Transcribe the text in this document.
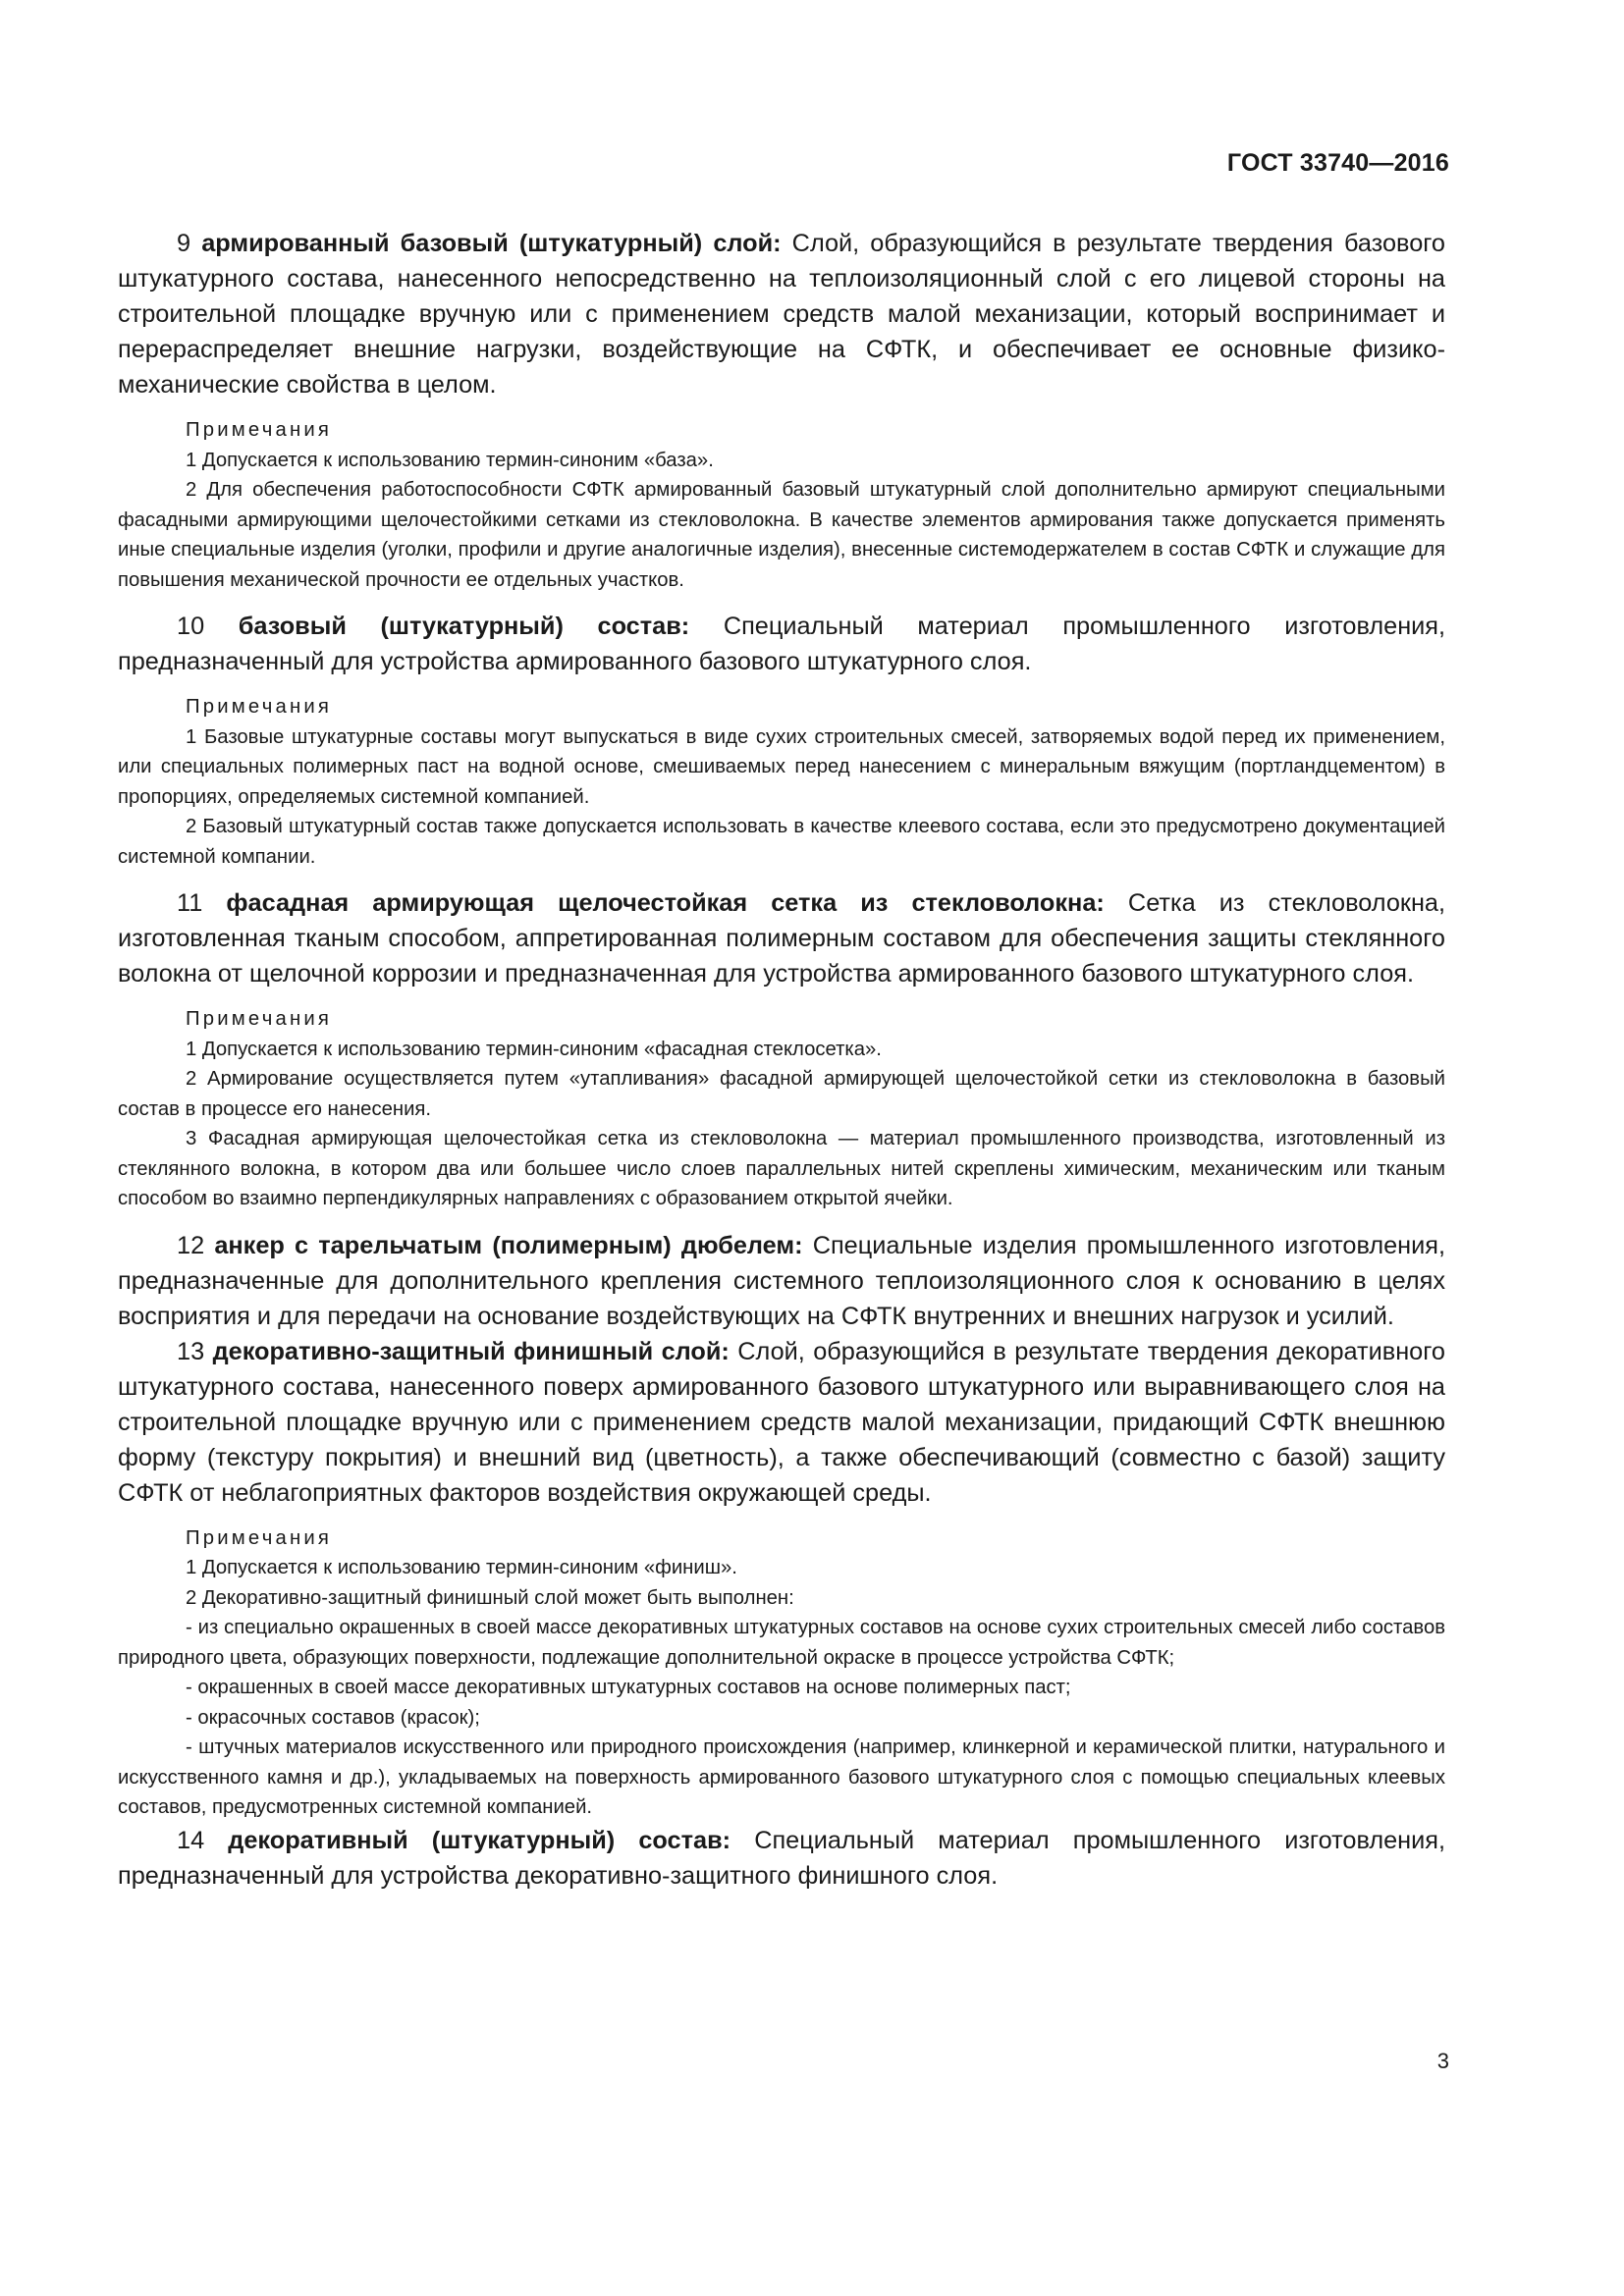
ГОСТ 33740—2016

9 армированный базовый (штукатурный) слой: Слой, образующийся в результате твердения базового штукатурного состава, нанесенного непосредственно на теплоизоляционный слой с его лицевой стороны на строительной площадке вручную или с применением средств малой механизации, который воспринимает и перераспределяет внешние нагрузки, воздействующие на СФТК, и обеспечивает ее основные физико-механические свойства в целом.

Примечания

1 Допускается к использованию термин-синоним «база».

2 Для обеспечения работоспособности СФТК армированный базовый штукатурный слой дополнительно армируют специальными фасадными армирующими щелочестойкими сетками из стекловолокна. В качестве элементов армирования также допускается применять иные специальные изделия (уголки, профили и другие аналогичные изделия), внесенные системодержателем в состав СФТК и служащие для повышения механической прочности ее отдельных участков.

10 базовый (штукатурный) состав: Специальный материал промышленного изготовления, предназначенный для устройства армированного базового штукатурного слоя.

Примечания

1 Базовые штукатурные составы могут выпускаться в виде сухих строительных смесей, затворяемых водой перед их применением, или специальных полимерных паст на водной основе, смешиваемых перед нанесением с минеральным вяжущим (портландцементом) в пропорциях, определяемых системной компанией.

2 Базовый штукатурный состав также допускается использовать в качестве клеевого состава, если это предусмотрено документацией системной компании.

11 фасадная армирующая щелочестойкая сетка из стекловолокна: Сетка из стекловолокна, изготовленная тканым способом, аппретированная полимерным составом для обеспечения защиты стеклянного волокна от щелочной коррозии и предназначенная для устройства армированного базового штукатурного слоя.

Примечания

1 Допускается к использованию термин-синоним «фасадная стеклосетка».

2 Армирование осуществляется путем «утапливания» фасадной армирующей щелочестойкой сетки из стекловолокна в базовый состав в процессе его нанесения.

3 Фасадная армирующая щелочестойкая сетка из стекловолокна — материал промышленного производства, изготовленный из стеклянного волокна, в котором два или большее число слоев параллельных нитей скреплены химическим, механическим или тканым способом во взаимно перпендикулярных направлениях с образованием открытой ячейки.

12 анкер с тарельчатым (полимерным) дюбелем: Специальные изделия промышленного изготовления, предназначенные для дополнительного крепления системного теплоизоляционного слоя к основанию в целях восприятия и для передачи на основание воздействующих на СФТК внутренних и внешних нагрузок и усилий.

13 декоративно-защитный финишный слой: Слой, образующийся в результате твердения декоративного штукатурного состава, нанесенного поверх армированного базового штукатурного или выравнивающего слоя на строительной площадке вручную или с применением средств малой механизации, придающий СФТК внешнюю форму (текстуру покрытия) и внешний вид (цветность), а также обеспечивающий (совместно с базой) защиту СФТК от неблагоприятных факторов воздействия окружающей среды.

Примечания

1 Допускается к использованию термин-синоним «финиш».

2 Декоративно-защитный финишный слой может быть выполнен:

- из специально окрашенных в своей массе декоративных штукатурных составов на основе сухих строительных смесей либо составов природного цвета, образующих поверхности, подлежащие дополнительной окраске в процессе устройства СФТК;

- окрашенных в своей массе декоративных штукатурных составов на основе полимерных паст;

- окрасочных составов (красок);

- штучных материалов искусственного или природного происхождения (например, клинкерной и керамической плитки, натурального и искусственного камня и др.), укладываемых на поверхность армированного базового штукатурного слоя с помощью специальных клеевых составов, предусмотренных системной компанией.

14 декоративный (штукатурный) состав: Специальный материал промышленного изготовления, предназначенный для устройства декоративно-защитного финишного слоя.

3
